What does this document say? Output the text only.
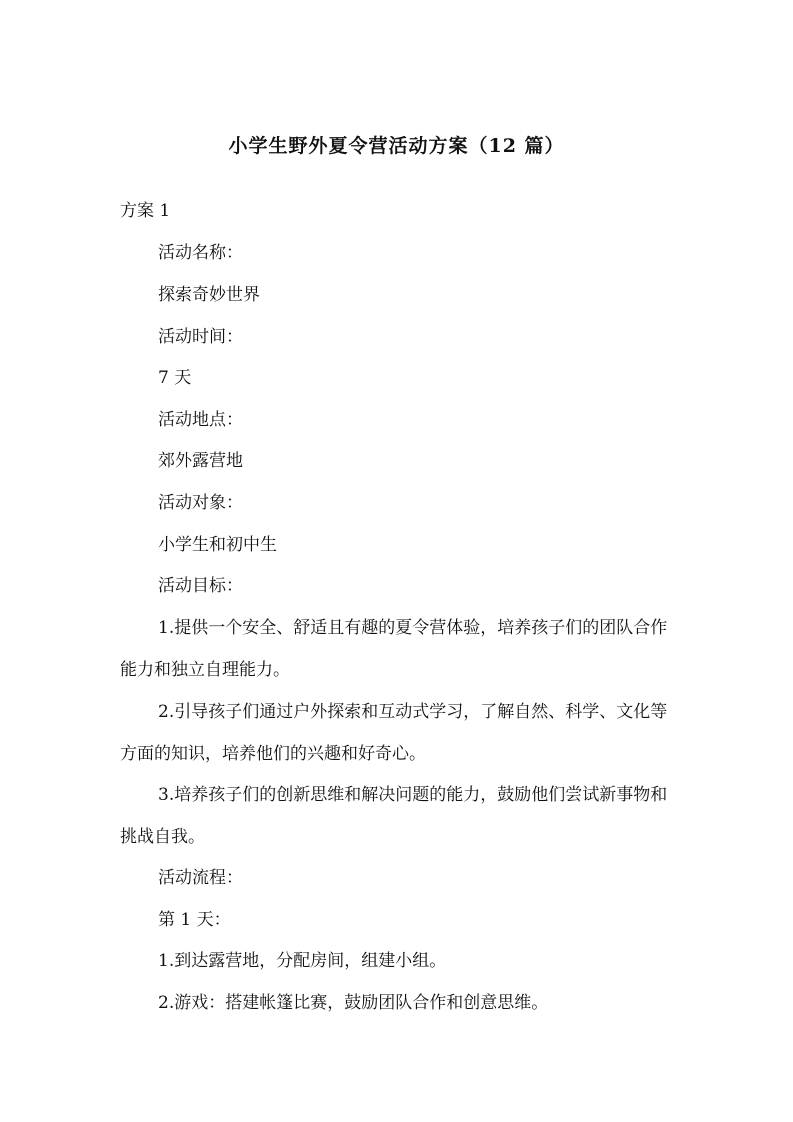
小学生野外夏令营活动方案（12 篇）

方案 1

活动名称：

探索奇妙世界

活动时间：

7 天

活动地点：

郊外露营地

活动对象：

小学生和初中生

活动目标：

1.提供一个安全、舒适且有趣的夏令营体验，培养孩子们的团队合作能力和独立自理能力。

2.引导孩子们通过户外探索和互动式学习，了解自然、科学、文化等方面的知识，培养他们的兴趣和好奇心。

3.培养孩子们的创新思维和解决问题的能力，鼓励他们尝试新事物和挑战自我。

活动流程：

第 1 天：

1.到达露营地，分配房间，组建小组。

2.游戏：搭建帐篷比赛，鼓励团队合作和创意思维。
